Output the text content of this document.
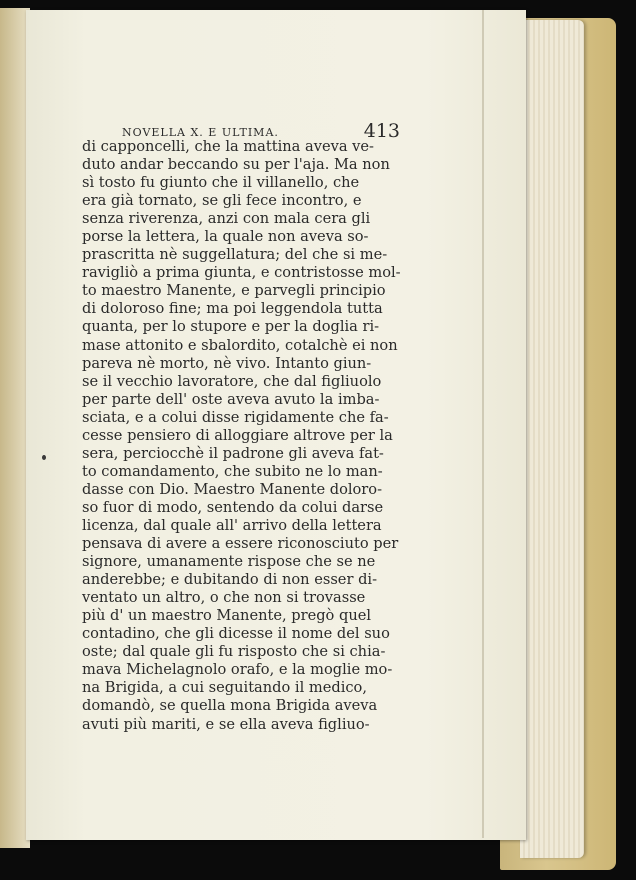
NOVELLA X. E ULTIMA.	413
di capponcelli, che la mattina aveva ve-
duto andar beccando su per l'aja. Ma non
sì tosto fu giunto che il villanello, che
era già tornato, se gli fece incontro, e
senza riverenza, anzi con mala cera gli
porse la lettera, la quale non aveva so-
prascritta nè suggellatura; del che si me-
ravigliò a prima giunta, e contristosse mol-
to maestro Manente, e parvegli principio
di doloroso fine; ma poi leggendola tutta
quanta, per lo stupore e per la doglia ri-
mase attonito e sbalordito, cotalchè ei non
pareva nè morto, nè vivo. Intanto giun-
se il vecchio lavoratore, che dal figliuolo
per parte dell' oste aveva avuto la imba-
sciata, e a colui disse rigidamente che fa-
cesse pensiero di alloggiare altrove per la
sera, perciocchè il padrone gli aveva fat-
to comandamento, che subito ne lo man-
dasse con Dio. Maestro Manente doloro-
so fuor di modo, sentendo da colui darse
licenza, dal quale all' arrivo della lettera
pensava di avere a essere riconosciuto per
signore, umanamente rispose che se ne
anderebbe; e dubitando di non esser di-
ventato un altro, o che non si trovasse
più d' un maestro Manente, pregò quel
contadino, che gli dicesse il nome del suo
oste; dal quale gli fu risposto che si chia-
mava Michelagnolo orafo, e la moglie mo-
na Brigida, a cui seguitando il medico,
domandò, se quella mona Brigida aveva
avuti più mariti, e se ella aveva figliuo-
